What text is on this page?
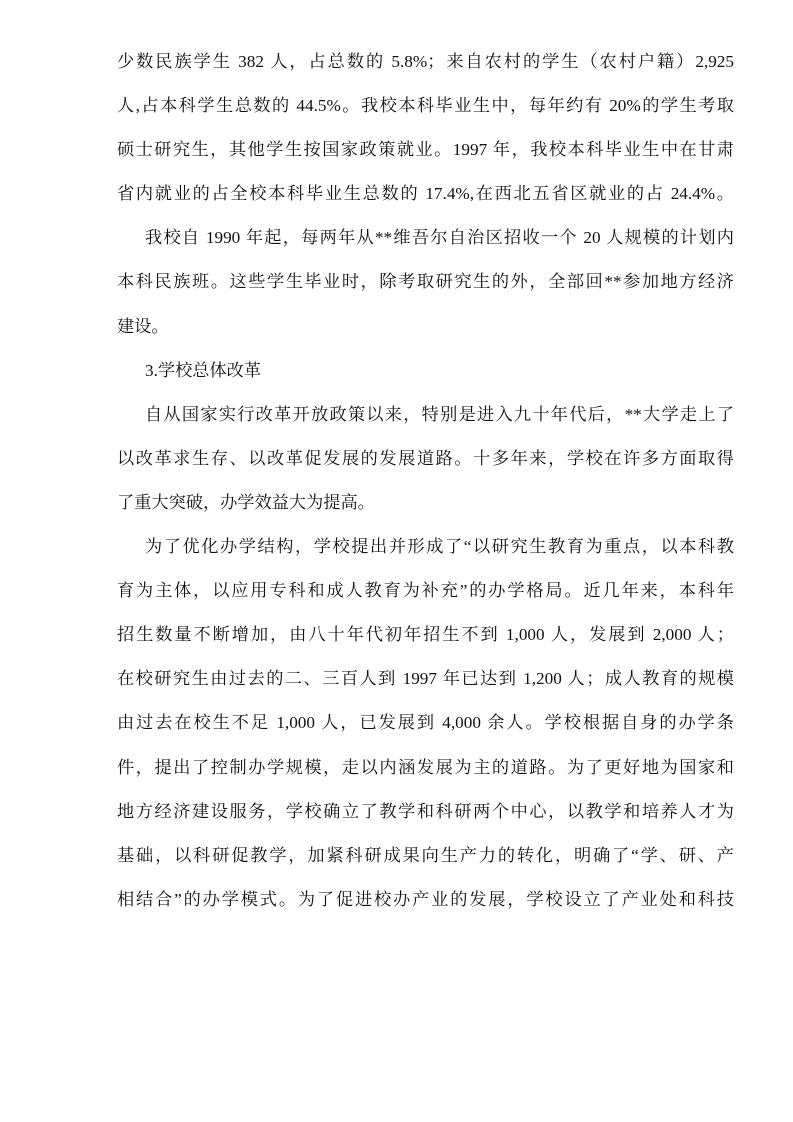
少数民族学生 382 人，占总数的 5.8%；来自农村的学生（农村户籍）2,925
人,占本科学生总数的 44.5%。我校本科毕业生中，每年约有 20%的学生考取
硕士研究生，其他学生按国家政策就业。1997 年，我校本科毕业生中在甘肃
省内就业的占全校本科毕业生总数的 17.4%,在西北五省区就业的占 24.4%。
我校自 1990 年起，每两年从**维吾尔自治区招收一个 20 人规模的计划内
本科民族班。这些学生毕业时，除考取研究生的外，全部回**参加地方经济
建设。
3.学校总体改革
自从国家实行改革开放政策以来，特别是进入九十年代后，**大学走上了
以改革求生存、以改革促发展的发展道路。十多年来，学校在许多方面取得
了重大突破，办学效益大为提高。
为了优化办学结构，学校提出并形成了“以研究生教育为重点，以本科教
育为主体，以应用专科和成人教育为补充”的办学格局。近几年来，本科年
招生数量不断增加，由八十年代初年招生不到 1,000 人，发展到 2,000 人；
在校研究生由过去的二、三百人到 1997 年已达到 1,200 人；成人教育的规模
由过去在校生不足 1,000 人，已发展到 4,000 余人。学校根据自身的办学条
件，提出了控制办学规模，走以内涵发展为主的道路。为了更好地为国家和
地方经济建设服务，学校确立了教学和科研两个中心，以教学和培养人才为
基础，以科研促教学，加紧科研成果向生产力的转化，明确了“学、研、产
相结合”的办学模式。为了促进校办产业的发展，学校设立了产业处和科技
